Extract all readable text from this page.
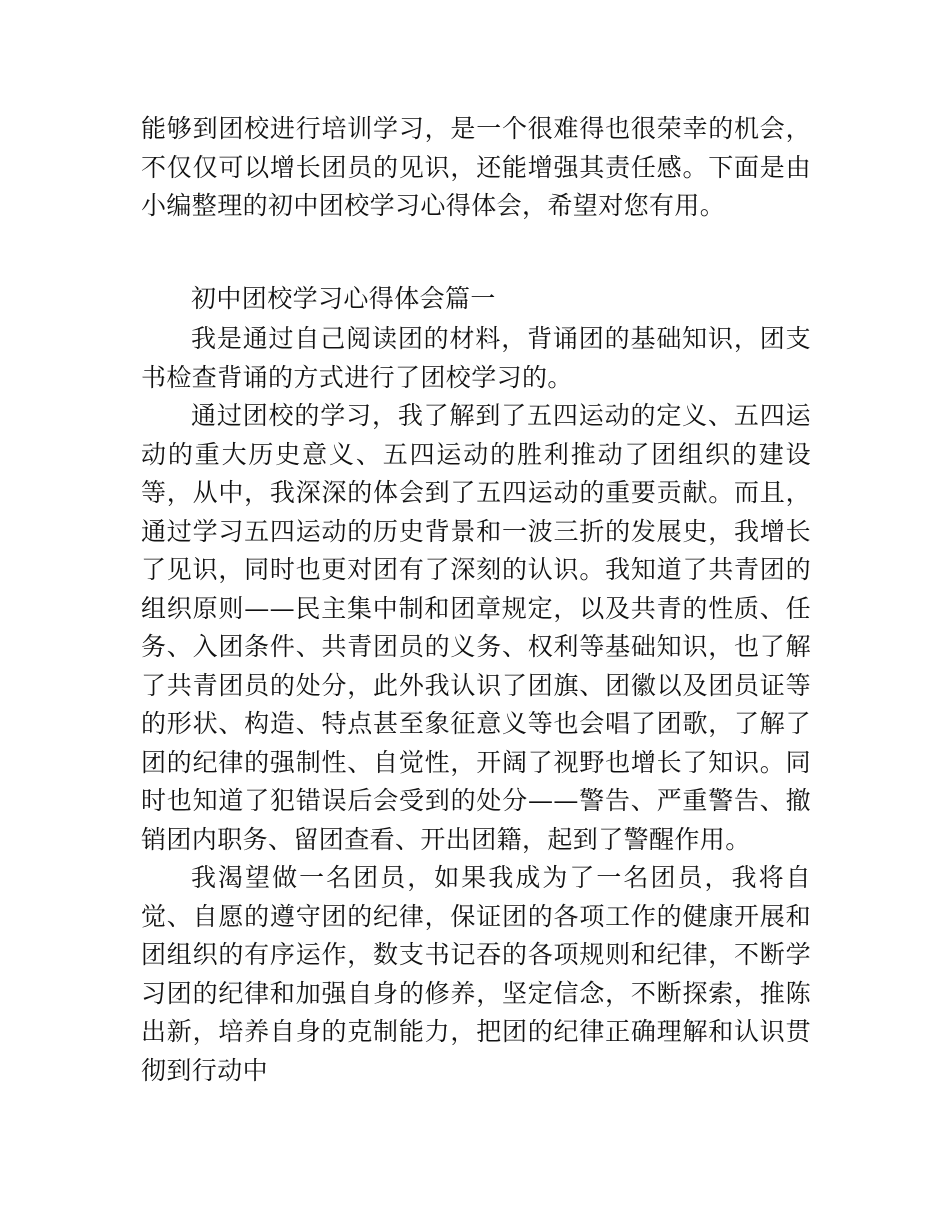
能够到团校进行培训学习，是一个很难得也很荣幸的机会，不仅仅可以增长团员的见识，还能增强其责任感。下面是由小编整理的初中团校学习心得体会，希望对您有用。
初中团校学习心得体会篇一

我是通过自己阅读团的材料，背诵团的基础知识，团支书检查背诵的方式进行了团校学习的。

通过团校的学习，我了解到了五四运动的定义、五四运动的重大历史意义、五四运动的胜利推动了团组织的建设等，从中，我深深的体会到了五四运动的重要贡献。而且，通过学习五四运动的历史背景和一波三折的发展史，我增长了见识，同时也更对团有了深刻的认识。我知道了共青团的组织原则——民主集中制和团章规定，以及共青的性质、任务、入团条件、共青团员的义务、权利等基础知识，也了解了共青团员的处分，此外我认识了团旗、团徽以及团员证等的形状、构造、特点甚至象征意义等也会唱了团歌，了解了团的纪律的强制性、自觉性，开阔了视野也增长了知识。同时也知道了犯错误后会受到的处分——警告、严重警告、撤销团内职务、留团查看、开出团籍，起到了警醒作用。

我渴望做一名团员，如果我成为了一名团员，我将自觉、自愿的遵守团的纪律，保证团的各项工作的健康开展和团组织的有序运作，数支书记吞的各项规则和纪律，不断学习团的纪律和加强自身的修养，坚定信念，不断探索，推陈出新，培养自身的克制能力，把团的纪律正确理解和认识贯彻到行动中
